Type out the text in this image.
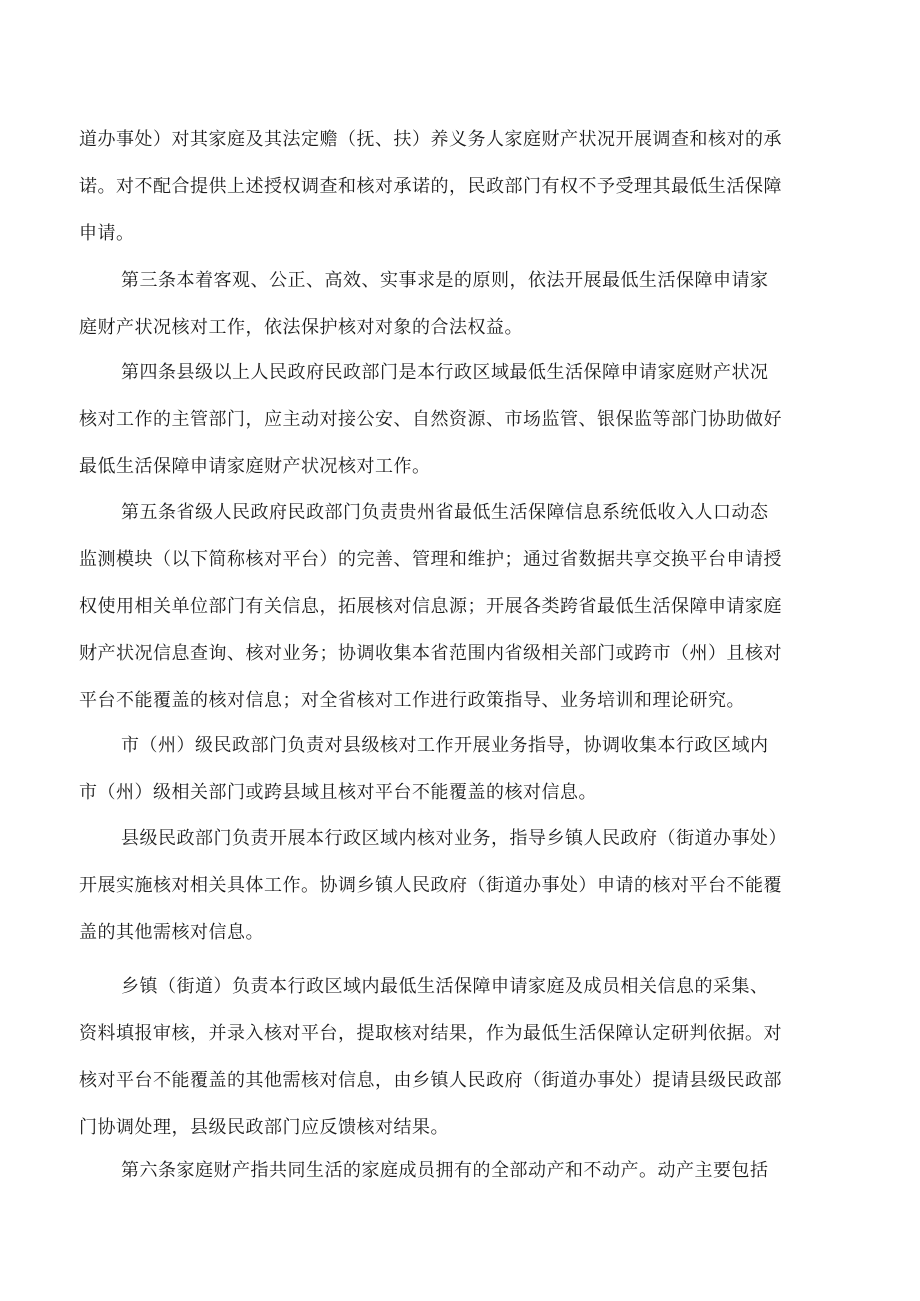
道办事处）对其家庭及其法定赡（抚、扶）养义务人家庭财产状况开展调查和核对的承
诺。对不配合提供上述授权调查和核对承诺的，民政部门有权不予受理其最低生活保障
申请。
第三条本着客观、公正、高效、实事求是的原则，依法开展最低生活保障申请家
庭财产状况核对工作，依法保护核对对象的合法权益。
第四条县级以上人民政府民政部门是本行政区域最低生活保障申请家庭财产状况
核对工作的主管部门，应主动对接公安、自然资源、市场监管、银保监等部门协助做好
最低生活保障申请家庭财产状况核对工作。
第五条省级人民政府民政部门负责贵州省最低生活保障信息系统低收入人口动态
监测模块（以下简称核对平台）的完善、管理和维护；通过省数据共享交换平台申请授
权使用相关单位部门有关信息，拓展核对信息源；开展各类跨省最低生活保障申请家庭
财产状况信息查询、核对业务；协调收集本省范围内省级相关部门或跨市（州）且核对
平台不能覆盖的核对信息；对全省核对工作进行政策指导、业务培训和理论研究。
市（州）级民政部门负责对县级核对工作开展业务指导，协调收集本行政区域内
市（州）级相关部门或跨县域且核对平台不能覆盖的核对信息。
县级民政部门负责开展本行政区域内核对业务，指导乡镇人民政府（街道办事处）
开展实施核对相关具体工作。协调乡镇人民政府（街道办事处）申请的核对平台不能覆
盖的其他需核对信息。
乡镇（街道）负责本行政区域内最低生活保障申请家庭及成员相关信息的采集、
资料填报审核，并录入核对平台，提取核对结果，作为最低生活保障认定研判依据。对
核对平台不能覆盖的其他需核对信息，由乡镇人民政府（街道办事处）提请县级民政部
门协调处理，县级民政部门应反馈核对结果。
第六条家庭财产指共同生活的家庭成员拥有的全部动产和不动产。动产主要包括
